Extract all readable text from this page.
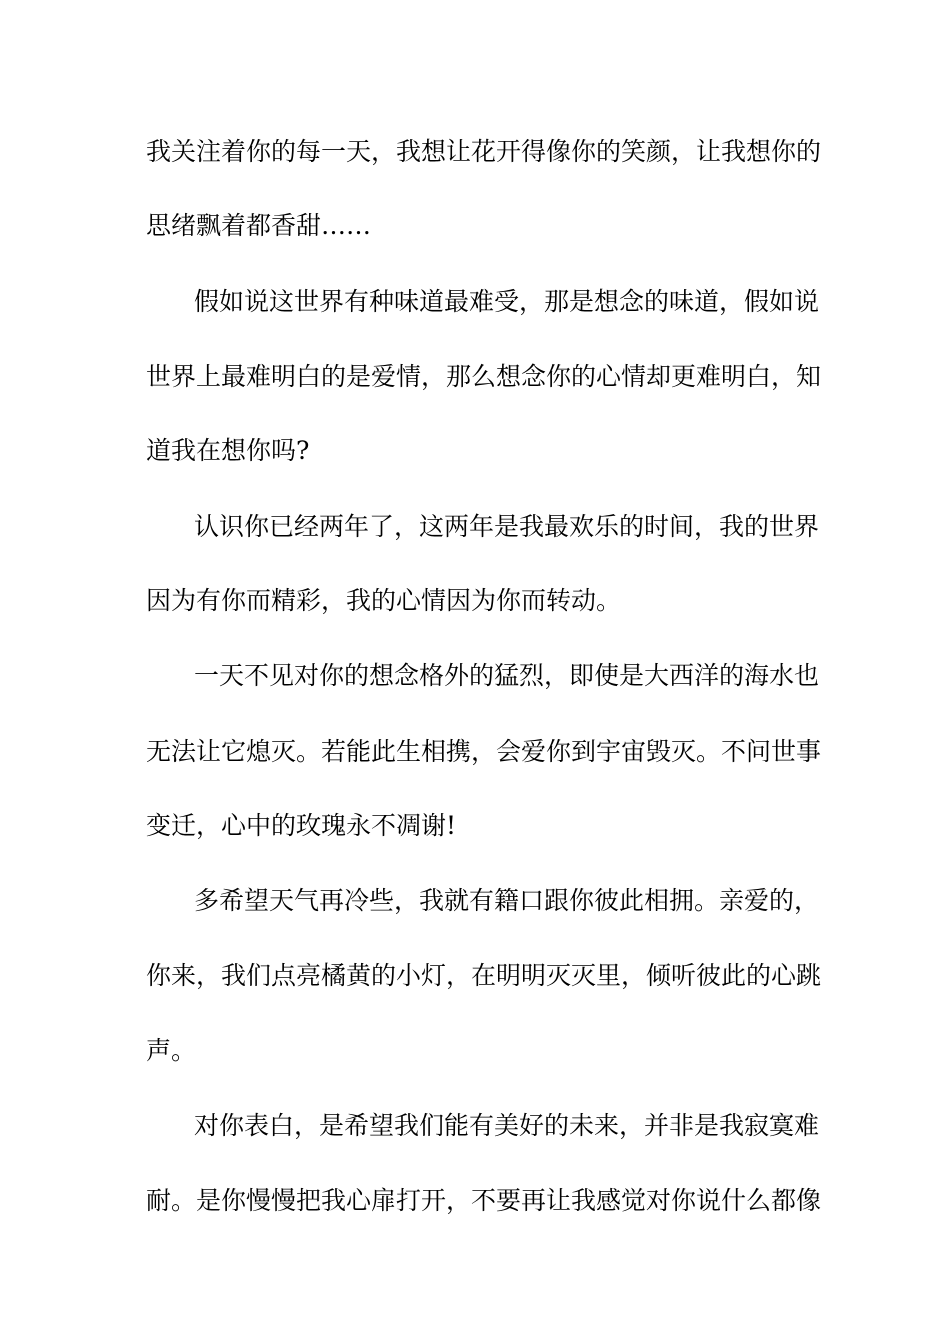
我关注着你的每一天，我想让花开得像你的笑颜，让我想你的
思绪飘着都香甜……
假如说这世界有种味道最难受，那是想念的味道，假如说
世界上最难明白的是爱情，那么想念你的心情却更难明白，知
道我在想你吗?
认识你已经两年了，这两年是我最欢乐的时间，我的世界
因为有你而精彩，我的心情因为你而转动。
一天不见对你的想念格外的猛烈，即使是大西洋的海水也
无法让它熄灭。若能此生相携，会爱你到宇宙毁灭。不问世事
变迁，心中的玫瑰永不凋谢!
多希望天气再冷些，我就有籍口跟你彼此相拥。亲爱的，
你来，我们点亮橘黄的小灯，在明明灭灭里，倾听彼此的心跳
声。
对你表白，是希望我们能有美好的未来，并非是我寂寞难
耐。是你慢慢把我心扉打开，不要再让我感觉对你说什么都像
